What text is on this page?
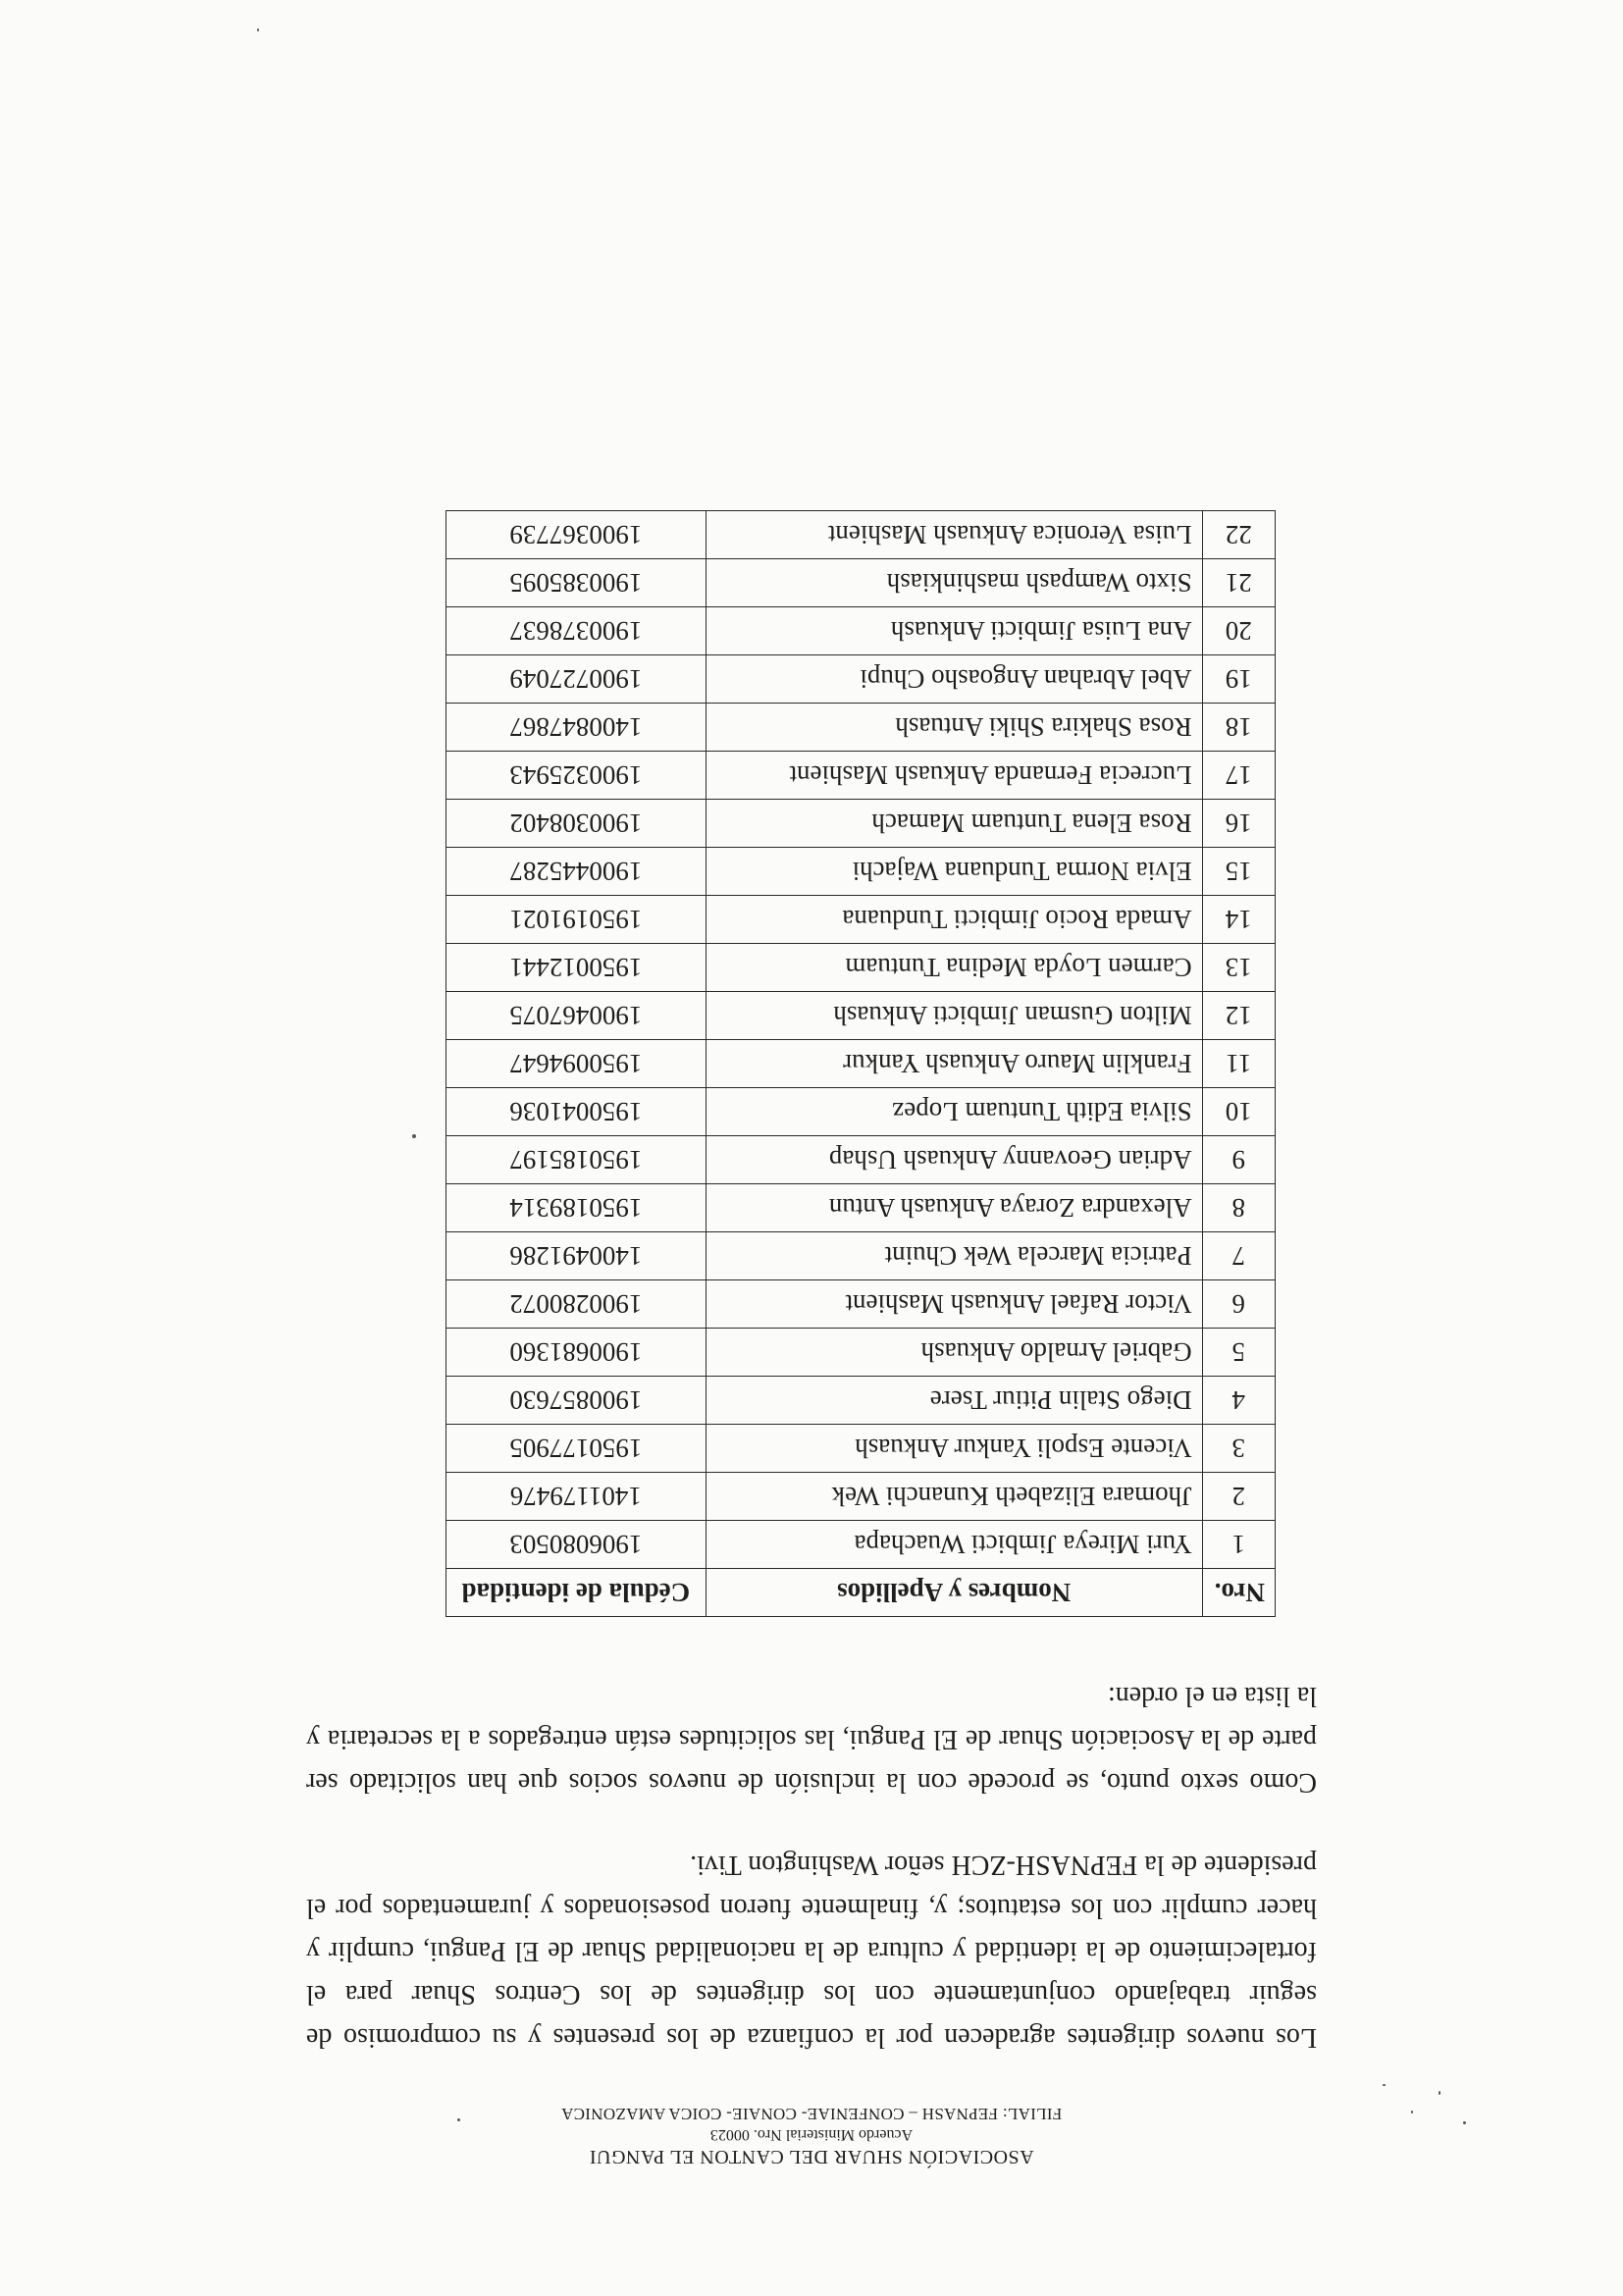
ASOCIACIÓN SHUAR DEL CANTON EL PANGUI
Acuerdo Ministerial Nro. 00023
FILIAL: FEPNASH – CONFENIAE- CONAIE- COICA AMAZONICA

Los nuevos dirigentes agradecen por la confianza de los presentes y su compromiso de seguir trabajando conjuntamente con los dirigentes de los Centros Shuar para el fortalecimiento de la identidad y cultura de la nacionalidad Shuar de El Pangui, cumplir y hacer cumplir con los estatutos; y, finalmente fueron posesionados y juramentados por el presidente de la FEPNASH-ZCH señor Washington Tivi.

Como sexto punto, se procede con la inclusión de nuevos socios que han solicitado ser parte de la Asociación Shuar de El Pangui, las solicitudes están entregados a la secretaria y la lista en el orden:

Nro.	Nombres y Apellidos	Cédula de identidad
1	Yuri Mireya Jimbicti Wuachapa	1906080503
2	Jhomara Elizabeth Kunanchi Wek	1401179476
3	Vicente Espoli Yankur Ankuash	1950177905
4	Diego Stalin Pitiur Tsere	1900857630
5	Gabriel Arnaldo Ankuash	1900681360
6	Victor Rafael Ankuash Mashient	1900280072
7	Patricia Marcela Wek Chuint	1400491286
8	Alexandra Zoraya Ankuash Antun	1950189314
9	Adrian Geovanny Ankuash Ushap	1950185197
10	Silvia Edith Tuntuam Lopez	1950041036
11	Franklin Mauro Ankuash Yankur	1950094647
12	Milton Gusman Jimbicti Ankuash	1900467075
13	Carmen Loyda Medina Tuntuam	1950012441
14	Amada Rocio Jimbicti Tunduana	1950191021
15	Elvia Norma Tunduana Wajachi	1900445287
16	Rosa Elena Tuntuam Mamach	1900308402
17	Lucrecia Fernanda Ankuash Mashient	1900325943
18	Rosa Shakira Shiki Antuash	1400847867
19	Abel Abrahan Angoasho Chupi	1900727049
20	Ana Luisa Jimbicti Ankuash	1900378637
21	Sixto Wampash mashinkiash	1900385095
22	Luisa Veronica Ankuash Mashient	1900367739
